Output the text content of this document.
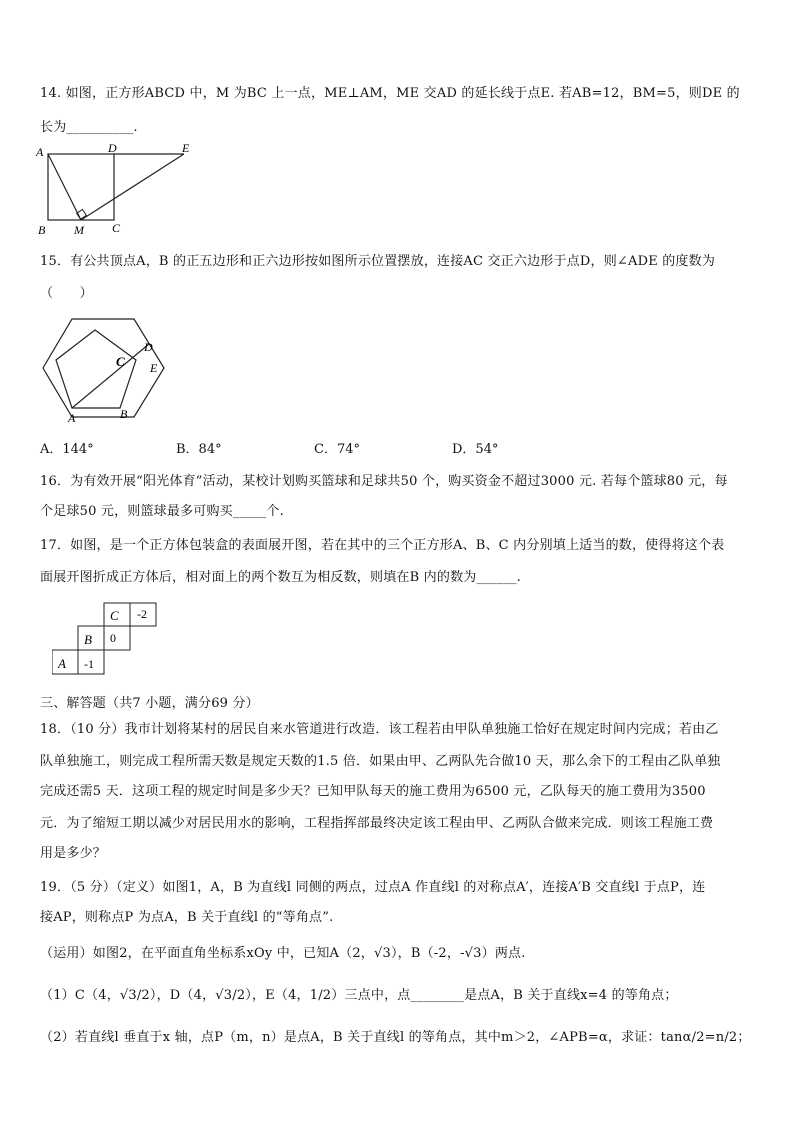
14. 如图，正方形ABCD 中，M 为BC 上一点，ME⊥AM，ME 交AD 的延长线于点E. 若AB=12，BM=5，则DE 的
长为__________.
A	D	E
B M C
15．有公共顶点A，B 的正五边形和正六边形按如图所示位置摆放，连接AC 交正六边形于点D，则∠ADE 的度数为
（　　）
C
D
E
A	B
A．144°	B．84°	C．74°	D．54°
16．为有效开展“阳光体育”活动，某校计划购买篮球和足球共50 个，购买资金不超过3000 元. 若每个篮球80 元，每
个足球50 元，则篮球最多可购买_____个.
17．如图，是一个正方体包装盒的表面展开图，若在其中的三个正方形A、B、C 内分别填上适当的数，使得将这个表
面展开图折成正方体后，相对面上的两个数互为相反数，则填在B 内的数为______.
C -2
B 0
A -1
三、解答题（共7 小题，满分69 分）
18．（10 分）我市计划将某村的居民自来水管道进行改造．该工程若由甲队单独施工恰好在规定时间内完成；若由乙
队单独施工，则完成工程所需天数是规定天数的1.5 倍．如果由甲、乙两队先合做10 天，那么余下的工程由乙队单独
完成还需5 天．这项工程的规定时间是多少天？已知甲队每天的施工费用为6500 元，乙队每天的施工费用为3500
元．为了缩短工期以减少对居民用水的影响，工程指挥部最终决定该工程由甲、乙两队合做来完成．则该工程施工费
用是多少？
19．（5 分）（定义）如图1，A，B 为直线l 同侧的两点，过点A 作直线l 的对称点A′，连接A′B 交直线l 于点P，连
接AP，则称点P 为点A，B 关于直线l 的“等角点”.
（运用）如图2，在平面直角坐标系xOy 中，已知A（2，√3），B（-2，-√3）两点.
（1）C（4，√3/2），D（4，√3/2），E（4，1/2）三点中，点________是点A，B 关于直线x=4 的等角点；
（2）若直线l 垂直于x 轴，点P（m，n）是点A，B 关于直线l 的等角点，其中m＞2，∠APB=α，求证：tanα/2=n/2；
